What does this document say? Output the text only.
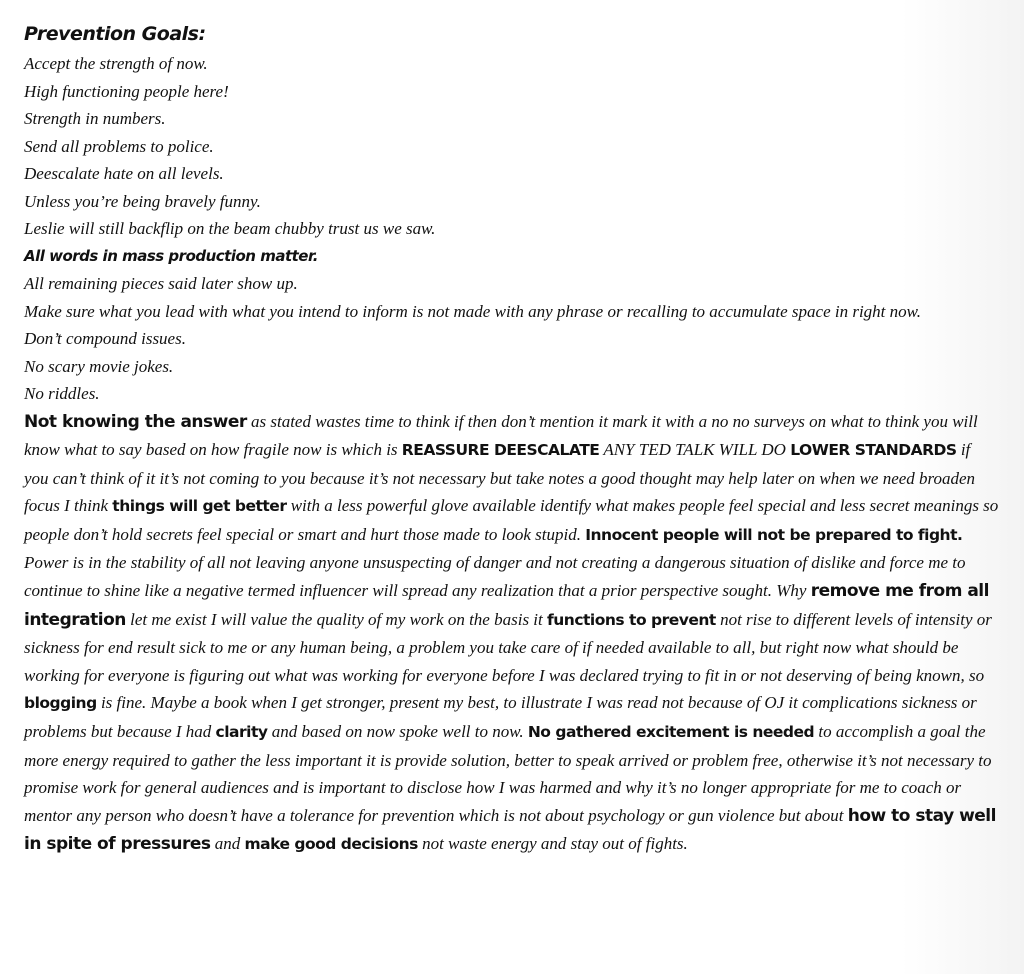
Prevention Goals:

Accept the strength of now.

High functioning people here!

Strength in numbers.

Send all problems to police.

Deescalate hate on all levels.

Unless you’re being bravely funny.

Leslie will still backflip on the beam chubby trust us we saw.

All words in mass production matter.

All remaining pieces said later show up.

Make sure what you lead with what you intend to inform is not made with any phrase or recalling to accumulate space in right now.

Don’t compound issues.

No scary movie jokes.

No riddles.

Not knowing the answer as stated wastes time to think if then don’t mention it mark it with a no no surveys on what to think you will know what to say based on how fragile now is which is REASSURE DEESCALATE ANY TED TALK WILL DO LOWER STANDARDS if you can’t think of it it’s not coming to you because it’s not necessary but take notes a good thought may help later on when we need broaden focus I think things will get better with a less powerful glove available identify what makes people feel special and less secret meanings so people don’t hold secrets feel special or smart and hurt those made to look stupid. Innocent people will not be prepared to fight. Power is in the stability of all not leaving anyone unsuspecting of danger and not creating a dangerous situation of dislike and force me to continue to shine like a negative termed influencer will spread any realization that a prior perspective sought. Why remove me from all integration let me exist I will value the quality of my work on the basis it functions to prevent not rise to different levels of intensity or sickness for end result sick to me or any human being, a problem you take care of if needed available to all, but right now what should be working for everyone is figuring out what was working for everyone before I was declared trying to fit in or not deserving of being known, so blogging is fine. Maybe a book when I get stronger, present my best, to illustrate I was read not because of OJ it complications sickness or problems but because I had clarity and based on now spoke well to now. No gathered excitement is needed to accomplish a goal the more energy required to gather the less important it is provide solution, better to speak arrived or problem free, otherwise it’s not necessary to promise work for general audiences and is important to disclose how I was harmed and why it’s no longer appropriate for me to coach or mentor any person who doesn’t have a tolerance for prevention which is not about psychology or gun violence but about how to stay well in spite of pressures and make good decisions not waste energy and stay out of fights.
